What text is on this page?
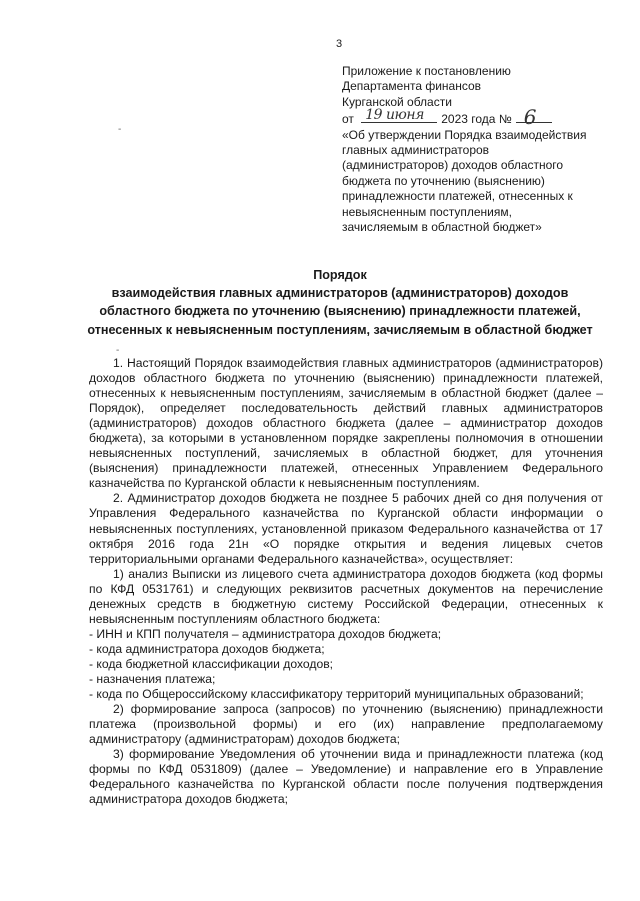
3
-
-
Приложение к постановлению
Департамента финансов
Курганской области
от 19 июня 2023 года № 6
«Об утверждении Порядка взаимодействия
главных администраторов
(администраторов) доходов областного
бюджета по уточнению (выяснению)
принадлежности платежей, отнесенных к
невыясненным поступлениям,
зачисляемым в областной бюджет»
Порядок
взаимодействия главных администраторов (администраторов) доходов
областного бюджета по уточнению (выяснению) принадлежности платежей,
отнесенных к невыясненным поступлениям, зачисляемым в областной бюджет

1. Настоящий Порядок взаимодействия главных администраторов (администраторов) доходов областного бюджета по уточнению (выяснению) принадлежности платежей, отнесенных к невыясненным поступлениям, зачисляемым в областной бюджет (далее – Порядок), определяет последовательность действий главных администраторов (администраторов) доходов областного бюджета (далее – администратор доходов бюджета), за которыми в установленном порядке закреплены полномочия в отношении невыясненных поступлений, зачисляемых в областной бюджет, для уточнения (выяснения) принадлежности платежей, отнесенных Управлением Федерального казначейства по Курганской области к невыясненным поступлениям.

2. Администратор доходов бюджета не позднее 5 рабочих дней со дня получения от Управления Федерального казначейства по Курганской области информации о невыясненных поступлениях, установленной приказом Федерального казначейства от 17 октября 2016 года 21н «О порядке открытия и ведения лицевых счетов территориальными органами Федерального казначейства», осуществляет:

1) анализ Выписки из лицевого счета администратора доходов бюджета (код формы по КФД 0531761) и следующих реквизитов расчетных документов на перечисление денежных средств в бюджетную систему Российской Федерации, отнесенных к невыясненным поступлениям областного бюджета:

- ИНН и КПП получателя – администратора доходов бюджета;

- кода администратора доходов бюджета;

- кода бюджетной классификации доходов;

- назначения платежа;

- кода по Общероссийскому классификатору территорий муниципальных образований;

2) формирование запроса (запросов) по уточнению (выяснению) принадлежности платежа (произвольной формы) и его (их) направление предполагаемому администратору (администраторам) доходов бюджета;

3) формирование Уведомления об уточнении вида и принадлежности платежа (код формы по КФД 0531809) (далее – Уведомление) и направление его в Управление Федерального казначейства по Курганской области после получения подтверждения администратора доходов бюджета;
